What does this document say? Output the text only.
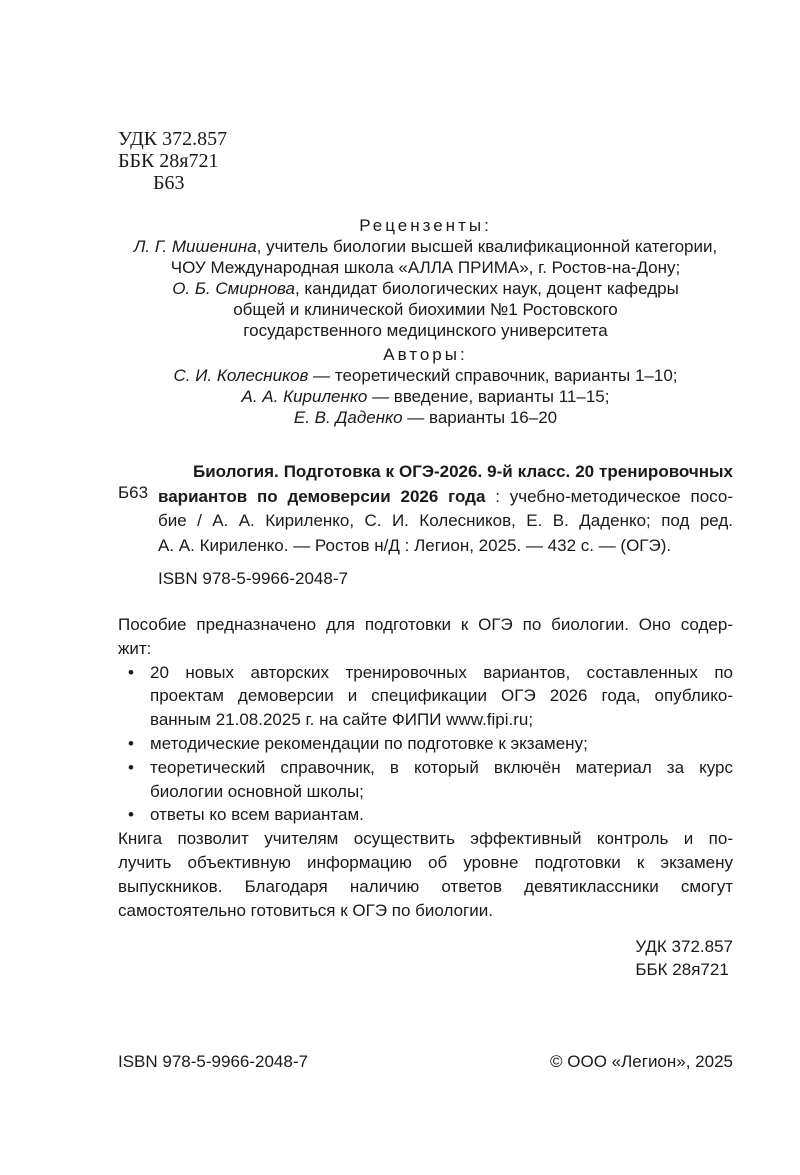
УДК 372.857
ББК 28я721
Б63
Рецензенты:
Л. Г. Мишенина, учитель биологии высшей квалификационной категории,
ЧОУ Международная школа «АЛЛА ПРИМА», г. Ростов-на-Дону;
О. Б. Смирнова, кандидат биологических наук, доцент кафедры
общей и клинической биохимии №1 Ростовского
государственного медицинского университета
Авторы:
С. И. Колесников — теоретический справочник, варианты 1–10;
А. А. Кириленко — введение, варианты 11–15;
Е. В. Даденко — варианты 16–20
Б63
Биология. Подготовка к ОГЭ-2026. 9-й класс. 20 тренировочных
вариантов по демоверсии 2026 года : учебно-методическое посо-
бие / А. А. Кириленко, С. И. Колесников, Е. В. Даденко; под ред.
А. А. Кириленко. — Ростов н/Д : Легион, 2025. — 432 с. — (ОГЭ).
ISBN 978-5-9966-2048-7
Пособие предназначено для подготовки к ОГЭ по биологии. Оно содер-
жит:
• 20 новых авторских тренировочных вариантов, составленных по
проектам демоверсии и спецификации ОГЭ 2026 года, опублико-
ванным 21.08.2025 г. на сайте ФИПИ www.fipi.ru;
• методические рекомендации по подготовке к экзамену;
• теоретический справочник, в который включён материал за курс
биологии основной школы;
• ответы ко всем вариантам.
Книга позволит учителям осуществить эффективный контроль и по-
лучить объективную информацию об уровне подготовки к экзамену
выпускников. Благодаря наличию ответов девятиклассники смогут
самостоятельно готовиться к ОГЭ по биологии.
УДК 372.857
ББК 28я721
ISBN 978-5-9966-2048-7	© ООО «Легион», 2025
